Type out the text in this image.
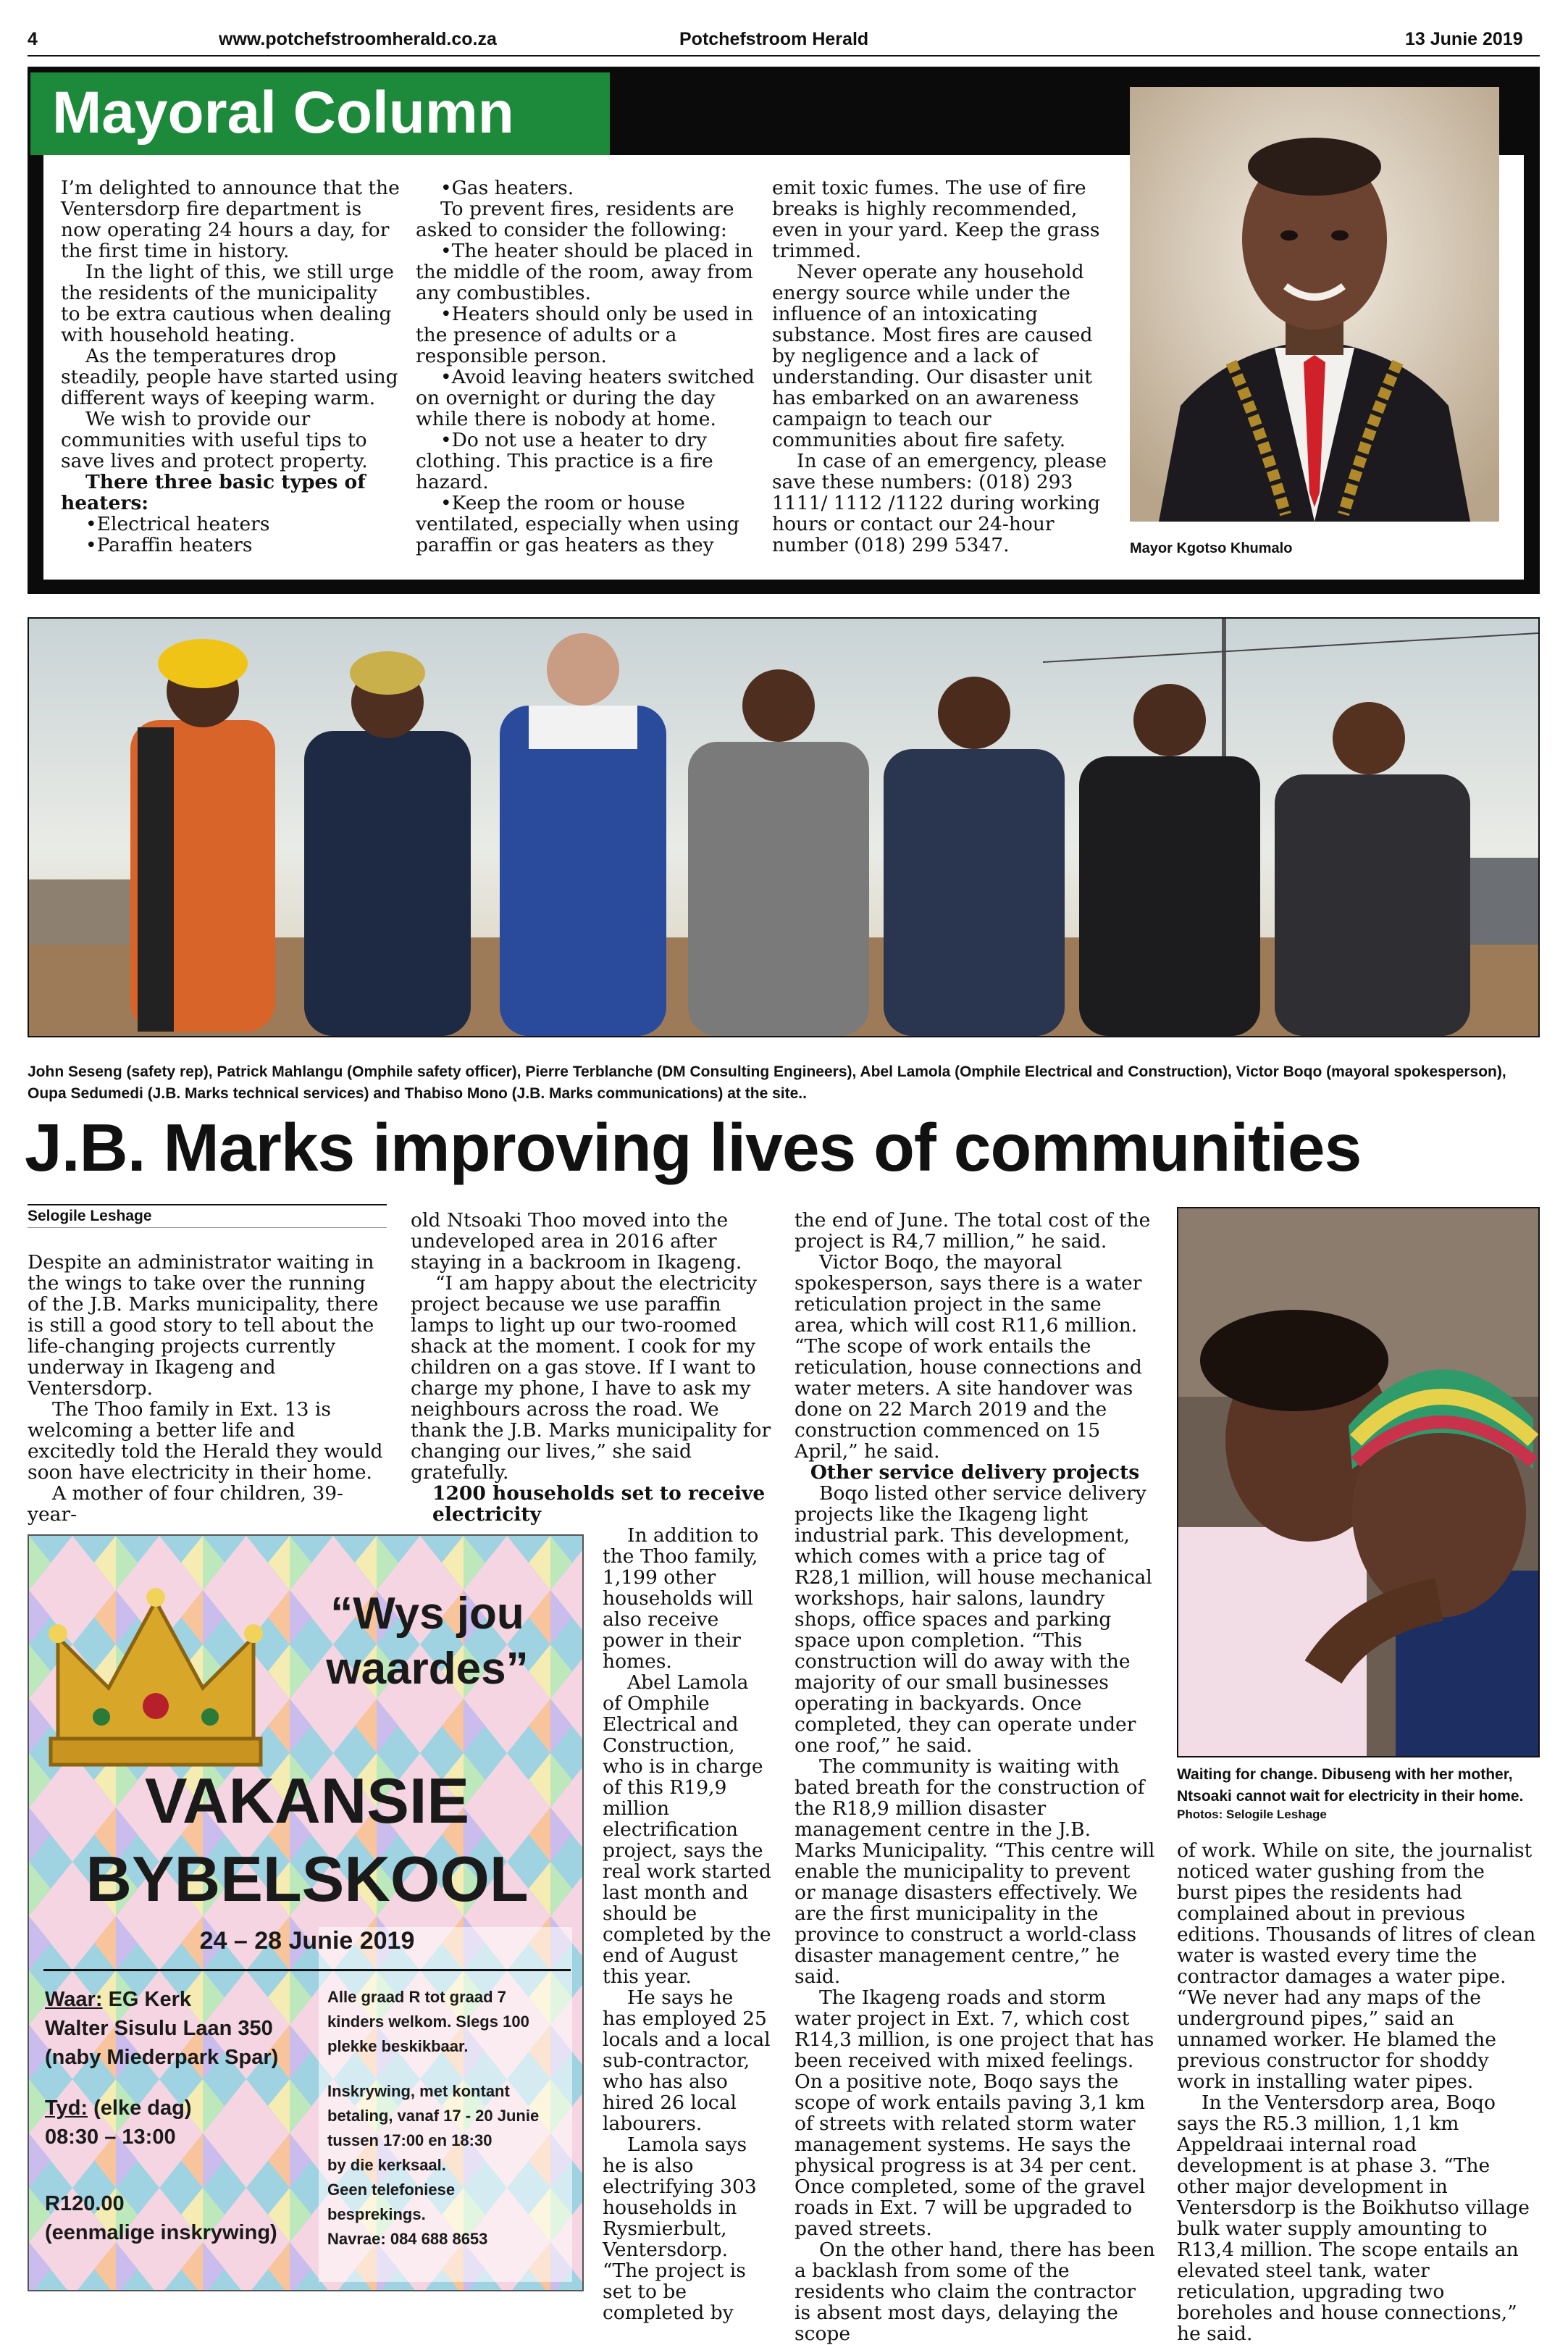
4	www.potchefstroomherald.co.za	Potchefstroom Herald	13 Junie 2019
Mayoral Column

I’m delighted to announce that the Ventersdorp fire department is now operating 24 hours a day, for the first time in history.

In the light of this, we still urge the residents of the municipality to be extra cautious when dealing with household heating.

As the temperatures drop steadily, people have started using different ways of keeping warm.

We wish to provide our communities with useful tips to save lives and protect property.

There three basic types of heaters:

•Electrical heaters

•Paraffin heaters

•Gas heaters.

To prevent fires, residents are asked to consider the following:

•The heater should be placed in the middle of the room, away from any combustibles.

•Heaters should only be used in the presence of adults or a responsible person.

•Avoid leaving heaters switched on overnight or during the day while there is nobody at home.

•Do not use a heater to dry clothing. This practice is a fire hazard.

•Keep the room or house ventilated, especially when using paraffin or gas heaters as they

emit toxic fumes. The use of fire breaks is highly recommended, even in your yard. Keep the grass trimmed.

Never operate any household energy source while under the influence of an intoxicating substance. Most fires are caused by negligence and a lack of understanding. Our disaster unit has embarked on an awareness campaign to teach our communities about fire safety.

In case of an emergency, please save these numbers: (018) 293 1111/ 1112 /1122 during working hours or contact our 24-hour number (018) 299 5347.	Mayor Kgotso Khumalo
John Seseng (safety rep), Patrick Mahlangu (Omphile safety officer), Pierre Terblanche (DM Consulting Engineers), Abel Lamola (Omphile Electrical and Construction), Victor Boqo (mayoral spokesperson), Oupa Sedumedi (J.B. Marks technical services) and Thabiso Mono (J.B. Marks communications) at the site..
J.B. Marks improving lives of communities
Selogile Leshage

Despite an administrator waiting in the wings to take over the running of the J.B. Marks municipality, there is still a good story to tell about the life-changing projects currently underway in Ikageng and Ventersdorp.

The Thoo family in Ext. 13 is welcoming a better life and excitedly told the Herald they would soon have electricity in their home.

A mother of four children, 39-year-

old Ntsoaki Thoo moved into the undeveloped area in 2016 after staying in a backroom in Ikageng.

“I am happy about the electricity project because we use paraffin lamps to light up our two-roomed shack at the moment. I cook for my children on a gas stove. If I want to charge my phone, I have to ask my neighbours across the road. We thank the J.B. Marks municipality for changing our lives,” she said gratefully.

1200 households set to receive electricity

In addition to the Thoo family, 1,199 other households will also receive power in their homes.

Abel Lamola of Omphile Electrical and Construction, who is in charge of this R19,9 million electrification project, says the real work started last month and should be completed by the end of August this year.

He says he has employed 25 locals and a local sub-contractor, who has also hired 26 local labourers.

Lamola says he is also electrifying 303 households in Rysmierbult, Ventersdorp. “The project is set to be completed by

the end of June. The total cost of the project is R4,7 million,” he said.

Victor Boqo, the mayoral spokesperson, says there is a water reticulation project in the same area, which will cost R11,6 million. “The scope of work entails the reticulation, house connections and water meters. A site handover was done on 22 March 2019 and the construction commenced on 15 April,” he said.

Other service delivery projects

Boqo listed other service delivery projects like the Ikageng light industrial park. This development, which comes with a price tag of R28,1 million, will house mechanical workshops, hair salons, laundry shops, office spaces and parking space upon completion. “This construction will do away with the majority of our small businesses operating in backyards. Once completed, they can operate under one roof,” he said.

The community is waiting with bated breath for the construction of the R18,9 million disaster management centre in the J.B. Marks Municipality. “This centre will enable the municipality to prevent or manage disasters effectively. We are the first municipality in the province to construct a world-class disaster management centre,” he said.

The Ikageng roads and storm water project in Ext. 7, which cost R14,3 million, is one project that has been received with mixed feelings. On a positive note, Boqo says the scope of work entails paving 3,1 km of streets with related storm water management systems. He says the physical progress is at 34 per cent. Once completed, some of the gravel roads in Ext. 7 will be upgraded to paved streets.

On the other hand, there has been a backlash from some of the residents who claim the contractor is absent most days, delaying the scope

Waiting for change. Dibuseng with her mother, Ntsoaki cannot wait for electricity in their home.
Photos: Selogile Leshage

of work. While on site, the journalist noticed water gushing from the burst pipes the residents had complained about in previous editions. Thousands of litres of clean water is wasted every time the contractor damages a water pipe. “We never had any maps of the underground pipes,” said an unnamed worker. He blamed the previous constructor for shoddy work in installing water pipes.

In the Ventersdorp area, Boqo says the R5.3 million, 1,1 km Appeldraai internal road development is at phase 3. “The other major development in Ventersdorp is the Boikhutso village bulk water supply amounting to R13,4 million. The scope entails an elevated steel tank, water reticulation, upgrading two boreholes and house connections,” he said.

“Wys jou
waardes”
VAKANSIE
BYBELSKOOL
24 – 28 Junie 2019
Waar: EG Kerk
Walter Sisulu Laan 350
(naby Miederpark Spar)
Tyd: (elke dag)
08:30 – 13:00
R120.00
(eenmalige inskrywing)
Alle graad R tot graad 7
kinders welkom. Slegs 100
plekke beskikbaar.
Inskrywing, met kontant
betaling, vanaf 17 - 20 Junie
tussen 17:00 en 18:30
by die kerksaal.
Geen telefoniese
besprekings.
Navrae: 084 688 8653
